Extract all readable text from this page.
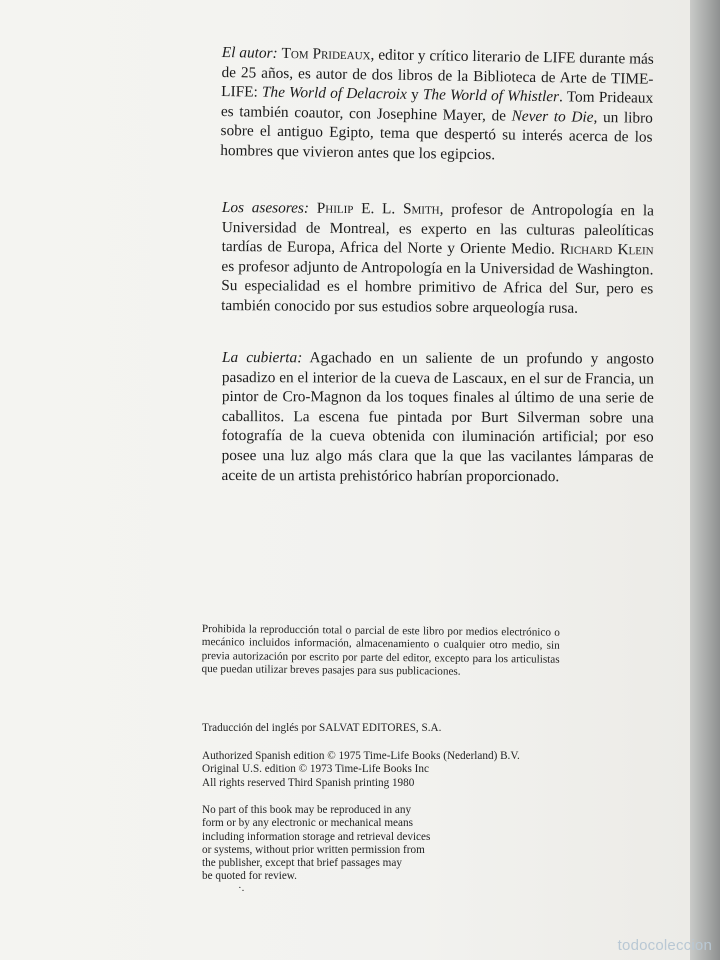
El autor: Tom Prideaux, editor y crítico literario de LIFE durante más de 25 años, es autor de dos libros de la Biblioteca de Arte de TIME-LIFE: The World of Delacroix y The World of Whistler. Tom Prideaux es también coautor, con Josephine Mayer, de Never to Die, un libro sobre el antiguo Egipto, tema que despertó su interés acerca de los hombres que vivieron antes que los egipcios.

Los asesores: Philip E. L. Smith, profesor de Antropología en la Universidad de Montreal, es experto en las culturas paleolíticas tardías de Europa, Africa del Norte y Oriente Medio. Richard Klein es profesor adjunto de Antropología en la Universidad de Washington. Su especialidad es el hombre primitivo de Africa del Sur, pero es también conocido por sus estudios sobre arqueología rusa.

La cubierta: Agachado en un saliente de un profundo y angosto pasadizo en el interior de la cueva de Lascaux, en el sur de Francia, un pintor de Cro-Magnon da los toques finales al último de una serie de caballitos. La escena fue pintada por Burt Silverman sobre una fotografía de la cueva obtenida con iluminación artificial; por eso posee una luz algo más clara que la que las vacilantes lámparas de aceite de un artista prehistórico habrían proporcionado.

Prohibida la reproducción total o parcial de este libro por medios electrónico o mecánico incluidos información, almacenamiento o cualquier otro medio, sin previa autorización por escrito por parte del editor, excepto para los articulistas que puedan utilizar breves pasajes para sus publicaciones.

Traducción del inglés por SALVAT EDITORES, S.A.

Authorized Spanish edition © 1975 Time-Life Books (Nederland) B.V.
Original U.S. edition © 1973 Time-Life Books Inc
All rights reserved Third Spanish printing 1980
No part of this book may be reproduced in any
form or by any electronic or mechanical means
including information storage and retrieval devices
or systems, without prior written permission from
the publisher, except that brief passages may
be quoted for review.
·.
todocoleccion
